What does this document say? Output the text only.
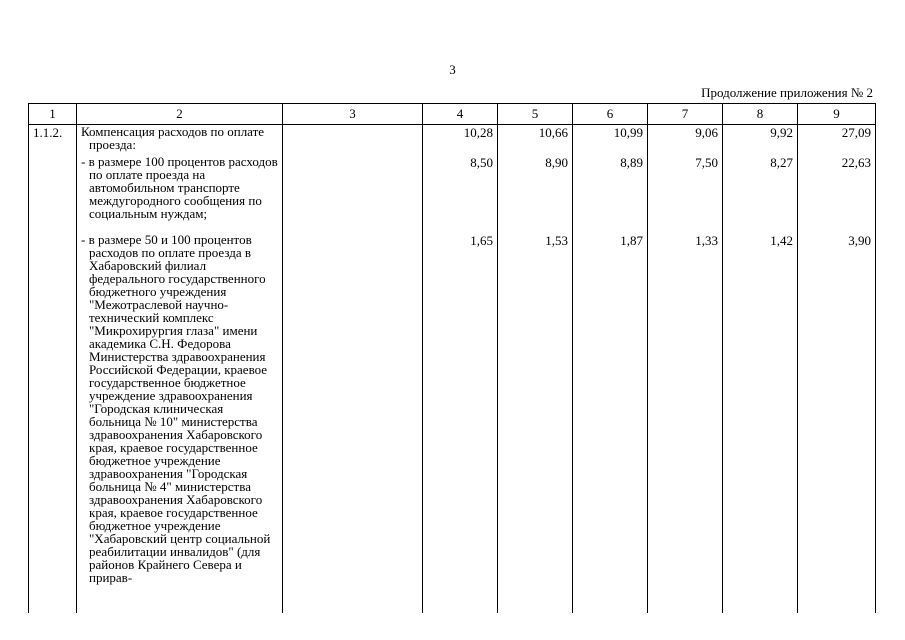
3
Продолжение приложения № 2
1	2	3	4	5	6	7	8	9
1.1.2.	Компенсация расходов по оплате проезда:		10,28	10,66	10,99	9,06	9,92	27,09

	- в размере 100 процентов расходов по оплате проезда на автомобильном транспорте междугородного сообщения по социальным нуждам;		8,50	8,90	8,89	7,50	8,27	22,63

	- в размере 50 и 100 процентов расходов по оплате проезда в Хабаровский филиал федерального государственного бюджетного учреждения "Межотраслевой научно-технический комплекс "Микрохирургия глаза" имени академика С.Н. Федорова Министерства здравоохранения Российской Федерации, краевое государственное бюджетное учреждение здравоохранения "Городская клиническая больница № 10" министерства здравоохранения Хабаровского края, краевое государственное бюджетное учреждение здравоохранения "Городская больница № 4" министерства здравоохранения Хабаровского края, краевое государственное бюджетное учреждение "Хабаровский центр социальной реабилитации инвалидов" (для районов Крайнего Севера и прирав-		1,65	1,53	1,87	1,33	1,42	3,90
